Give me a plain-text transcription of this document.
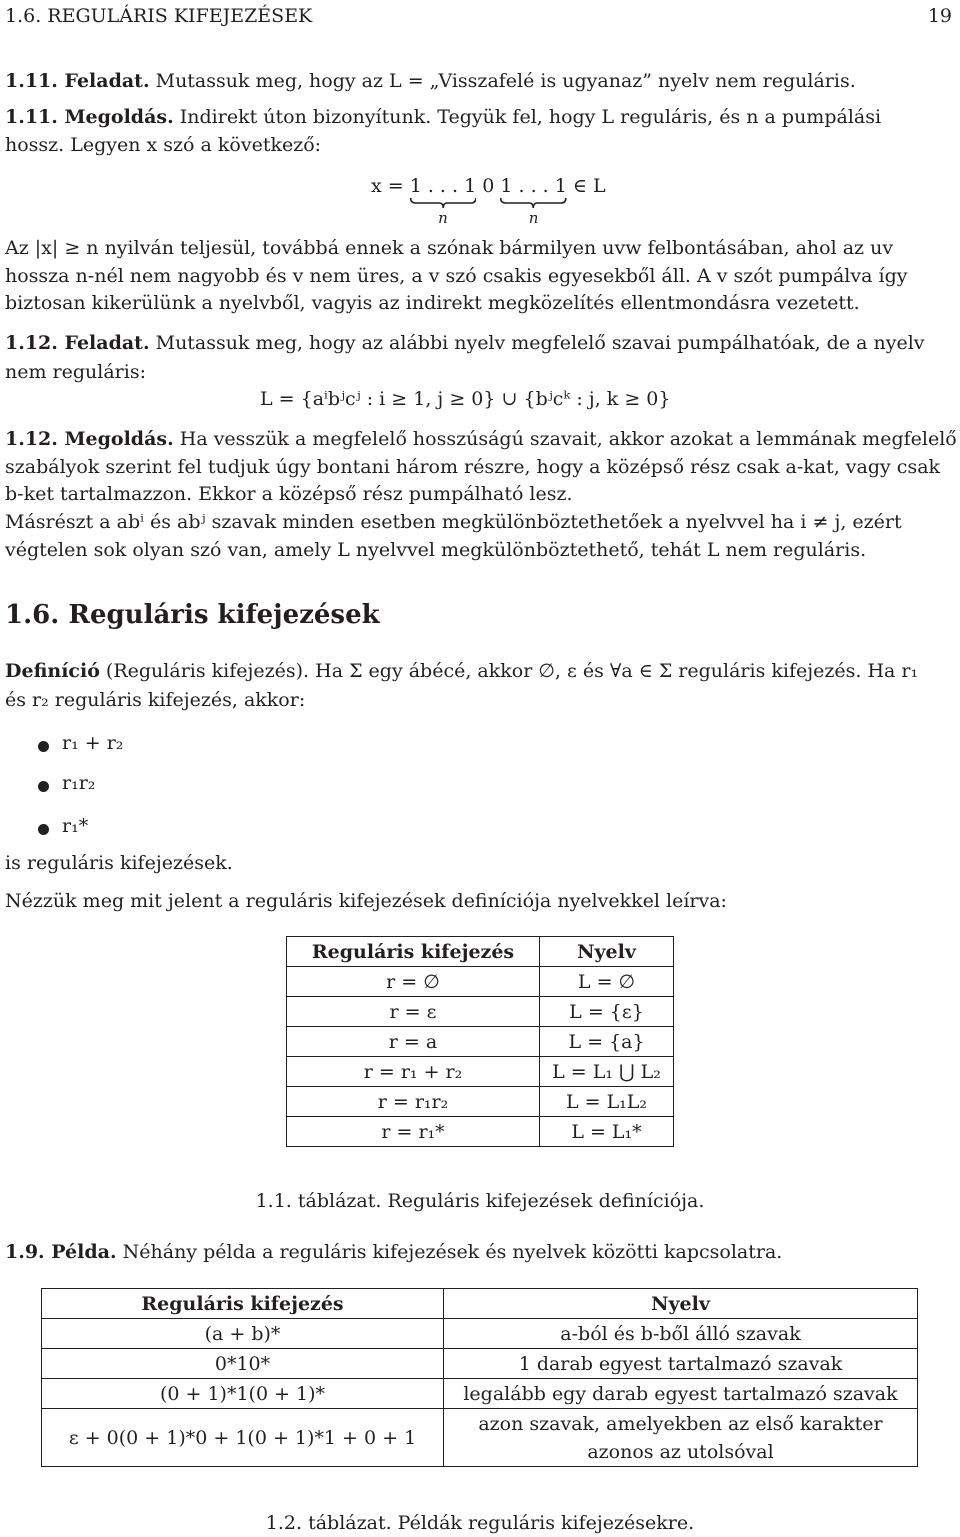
1.6. REGULÁRIS KIFEJEZÉSEK	19
1.11. Feladat. Mutassuk meg, hogy az L = „Visszafelé is ugyanaz” nyelv nem reguláris.
1.11. Megoldás. Indirekt úton bizonyítunk. Tegyük fel, hogy L reguláris, és n a pumpálási
hossz. Legyen x szó a következő:
x = 1 . . . 1
n
0 1 . . . 1
n
∈ L
Az |x| ≥ n nyilván teljesül, továbbá ennek a szónak bármilyen uvw felbontásában, ahol az uv
hossza n-nél nem nagyobb és v nem üres, a v szó csakis egyesekből áll. A v szót pumpálva így
biztosan kikerülünk a nyelvből, vagyis az indirekt megközelítés ellentmondásra vezetett.
1.12. Feladat. Mutassuk meg, hogy az alábbi nyelv megfelelő szavai pumpálhatóak, de a nyelv
nem reguláris:
L = {aⁱbʲcʲ : i ≥ 1, j ≥ 0} ∪ {bʲcᵏ : j, k ≥ 0}
1.12. Megoldás. Ha vesszük a megfelelő hosszúságú szavait, akkor azokat a lemmának megfelelő
szabályok szerint fel tudjuk úgy bontani három részre, hogy a középső rész csak a-kat, vagy csak
b-ket tartalmazzon. Ekkor a középső rész pumpálható lesz.
Másrészt a abⁱ és abʲ szavak minden esetben megkülönböztethetőek a nyelvvel ha i ≠ j, ezért
végtelen sok olyan szó van, amely L nyelvvel megkülönböztethető, tehát L nem reguláris.
1.6. Reguláris kifejezések
Definíció (Reguláris kifejezés). Ha Σ egy ábécé, akkor ∅, ε és ∀a ∈ Σ reguláris kifejezés. Ha r₁
és r₂ reguláris kifejezés, akkor:
r₁ + r₂
r₁r₂
r₁*
is reguláris kifejezések.
Nézzük meg mit jelent a reguláris kifejezések definíciója nyelvekkel leírva:
Reguláris kifejezés	Nyelv
r = ∅	L = ∅
r = ε	L = {ε}
r = a	L = {a}
r = r₁ + r₂	L = L₁ ⋃ L₂
r = r₁r₂	L = L₁L₂
r = r₁*	L = L₁*
1.1. táblázat. Reguláris kifejezések definíciója.
1.9. Példa. Néhány példa a reguláris kifejezések és nyelvek közötti kapcsolatra.
Reguláris kifejezés	Nyelv
(a + b)*	a-ból és b-ből álló szavak
0*10*	1 darab egyest tartalmazó szavak
(0 + 1)*1(0 + 1)*	legalább egy darab egyest tartalmazó szavak
ε + 0(0 + 1)*0 + 1(0 + 1)*1 + 0 + 1	azon szavak, amelyekben az első karakter
azonos az utolsóval
1.2. táblázat. Példák reguláris kifejezésekre.
